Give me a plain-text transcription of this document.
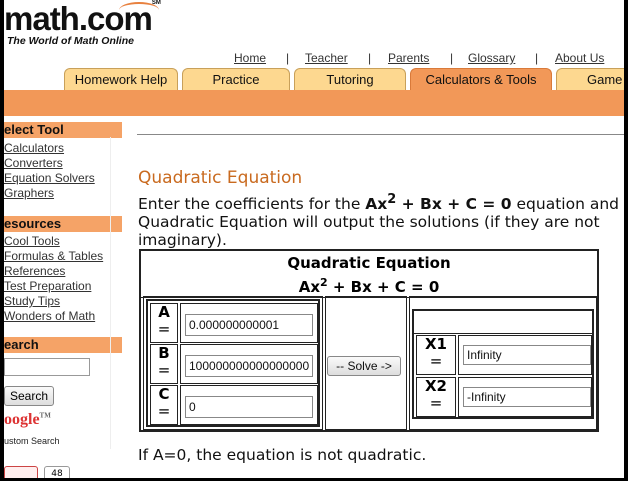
math.com℠
The World of Math Online
Home | Teacher | Parents | Glossary | About Us
Homework Help	Practice	Tutoring	Calculators & Tools	Game
elect Tool
Calculators
Converters
Equation Solvers
Graphers
esources
Cool Tools
Formulas & Tables
References
Test Preparation
Study Tips
Wonders of Math
earch
Search
oogle™
ustom Search
48
Quadratic Equation
Enter the coefficients for the $Ax^2 + Bx + C = 0$ equation and Quadratic Equation will output the solutions (if they are not imaginary).
Quadratic Equation
$Ax^2 + Bx + C = 0$
A
=	0.000000000001
B
=	100000000000000000
C
=	0
-- Solve ->
X1
=	Infinity
X2
=	-Infinity
If A=0, the equation is not quadratic.
